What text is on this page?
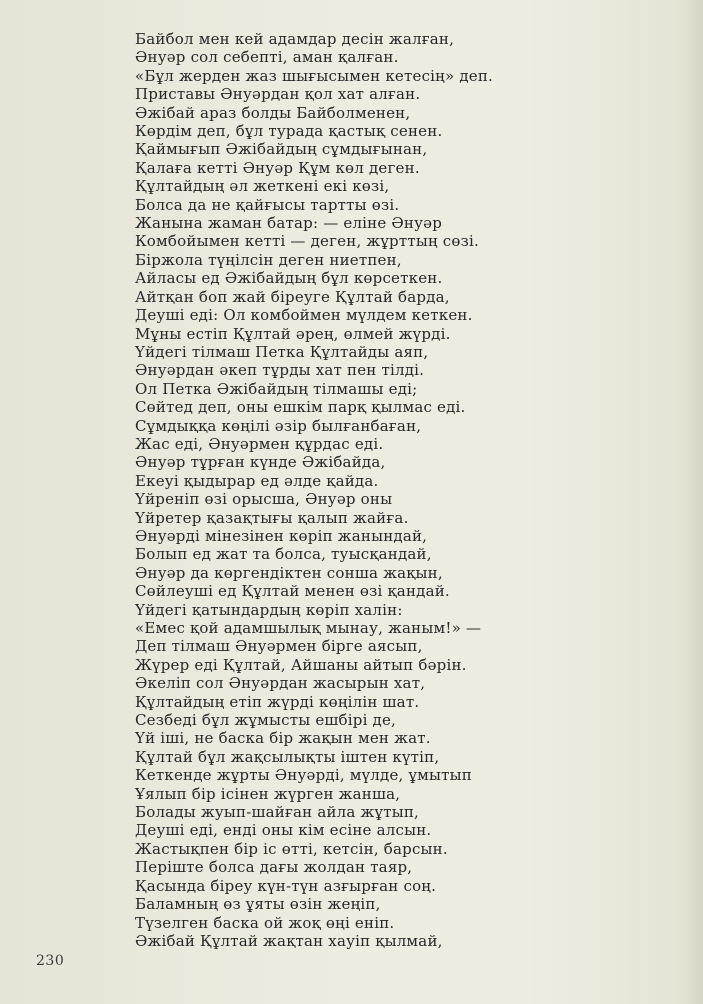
Байбол мен кей адамдар десін жалған,
Әнуәр сол себепті, аман қалған.
«Бұл жерден жаз шығысымен кетесің» деп.
Приставы Әнуәрдан қол хат алған.
Әжібай араз болды Байболменен,
Көрдім деп, бұл турада қастық сенен.
Қаймығып Әжібайдың сұмдығынан,
Қалаға кетті Әнуәр Құм көл деген.
Құлтайдың әл жеткені екі көзі,
Болса да не қайғысы тартты өзі.
Жанына жаман батар: — еліне Әнуәр
Комбойымен кетті — деген, жұрттың сөзі.
Біржола түңілсін деген ниетпен,
Айласы ед Әжібайдың бұл көрсеткен.
Айтқан боп жай біреуге Құлтай барда,
Деуші еді: Ол комбоймен мүлдем кеткен.
Мұны естіп Құлтай әрең, өлмей жүрді.
Үйдегі тілмаш Петка Құлтайды аяп,
Әнуәрдан әкеп тұрды хат пен тілді.
Ол Петка Әжібайдың тілмашы еді;
Сөйтед деп, оны ешкім парқ қылмас еді.
Сұмдыққа көңілі әзір былғанбаған,
Жас еді, Әнуәрмен құрдас еді.
Әнуәр тұрған күнде Әжібайда,
Екеуі қыдырар ед әлде қайда.
Үйреніп өзі орысша, Әнуәр оны
Үйретер қазақтығы қалып жайға.
Әнуәрді мінезінен көріп жанындай,
Болып ед жат та болса, туысқандай,
Әнуәр да көргендіктен сонша жақын,
Сөйлеуші ед Құлтай менен өзі қандай.
Үйдегі қатындардың көріп халін:
«Емес қой адамшылық мынау, жаным!» —
Деп тілмаш Әнуәрмен бірге аясып,
Жүрер еді Құлтай, Айшаны айтып бәрін.
Әкеліп сол Әнуәрдан жасырын хат,
Құлтайдың етіп жүрді көңілін шат.
Сезбеді бұл жұмысты ешбірі де,
Үй іші, не баска бір жақын мен жат.
Құлтай бұл жақсылықты іштен күтіп,
Кеткенде жұрты Әнуәрді, мүлде, ұмытып
Ұялып бір ісінен жүрген жанша,
Болады жуып-шайған айла жұтып,
Деуші еді, енді оны кім есіне алсын.
Жастықпен бір іс өтті, кетсін, барсын.
Періште болса дағы жолдан таяр,
Қасында біреу күн-түн азғырған соң.
Баламның өз ұяты өзін жеңіп,
Түзелген баска ой жоқ өңі еніп.
Әжібай Құлтай жақтан хауіп қылмай,
230
